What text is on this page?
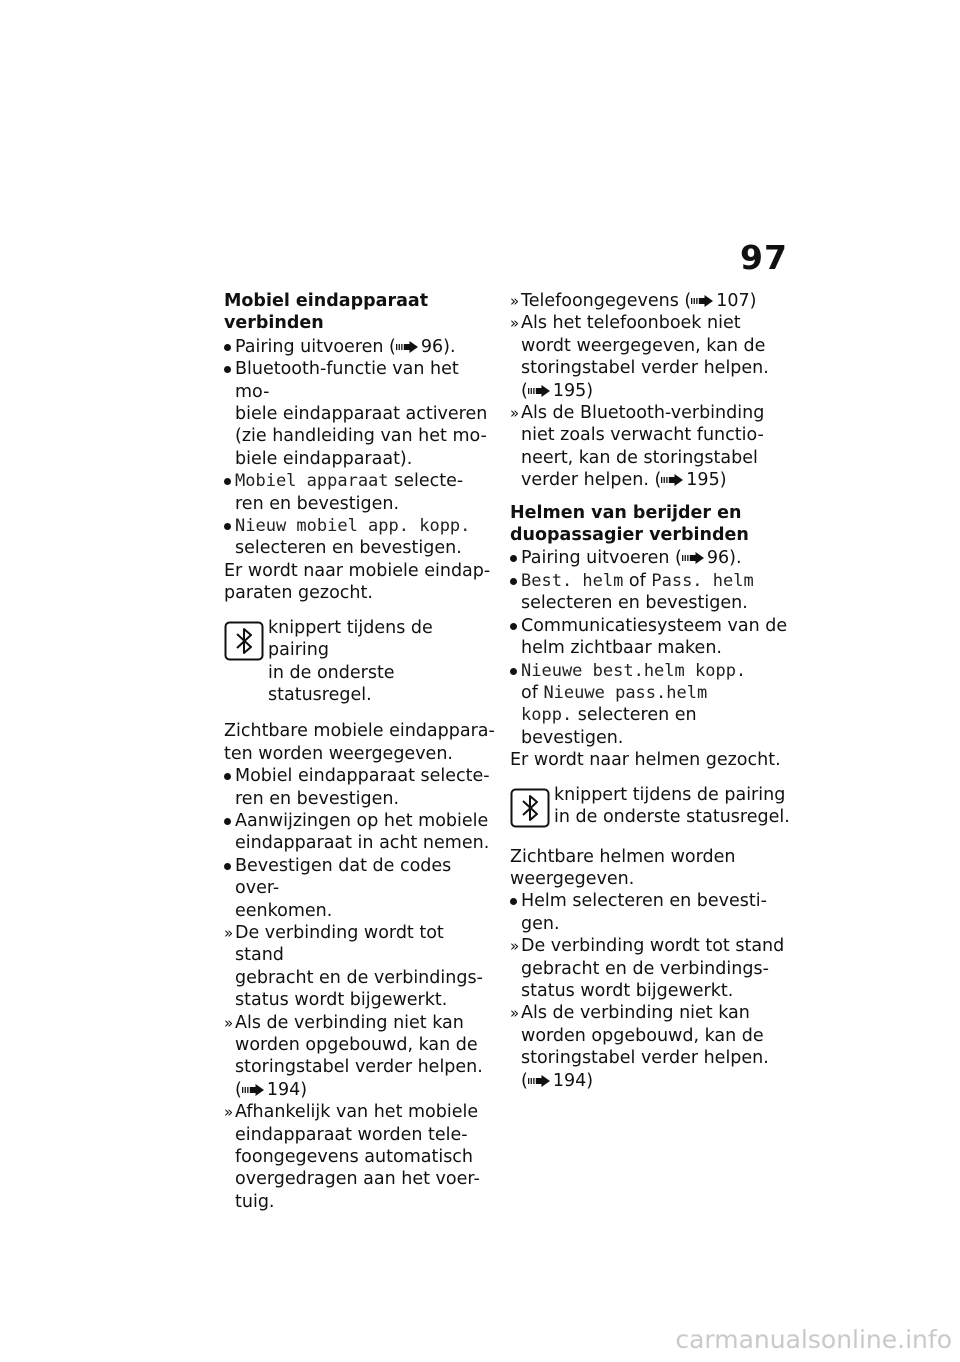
97
Mobiel eindapparaat
verbinden
Pairing uitvoeren ( 96).
Bluetooth-functie van het mo-
biele eindapparaat activeren
(zie handleiding van het mo-
biele eindapparaat).
Mobiel apparaat selecte-
ren en bevestigen.
Nieuw mobiel app. kopp.
selecteren en bevestigen.
Er wordt naar mobiele eindap-
paraten gezocht.
knippert tijdens de pairing
in de onderste statusregel.
Zichtbare mobiele eindappara-
ten worden weergegeven.
Mobiel eindapparaat selecte-
ren en bevestigen.
Aanwijzingen op het mobiele
eindapparaat in acht nemen.
Bevestigen dat de codes over-
eenkomen.
» De verbinding wordt tot stand
gebracht en de verbindings-
status wordt bijgewerkt.
» Als de verbinding niet kan
worden opgebouwd, kan de
storingstabel verder helpen.
( 194)
» Afhankelijk van het mobiele
eindapparaat worden tele-
foongegevens automatisch
overgedragen aan het voer-
tuig.
» Telefoongegevens ( 107)
» Als het telefoonboek niet
wordt weergegeven, kan de
storingstabel verder helpen.
( 195)
» Als de Bluetooth-verbinding
niet zoals verwacht functio-
neert, kan de storingstabel
verder helpen. ( 195)
Helmen van berijder en
duopassagier verbinden
Pairing uitvoeren ( 96).
Best. helm of Pass. helm
selecteren en bevestigen.
Communicatiesysteem van de
helm zichtbaar maken.
Nieuwe best.helm kopp.
of Nieuwe pass.helm
kopp. selecteren en
bevestigen.
Er wordt naar helmen gezocht.
knippert tijdens de pairing
in de onderste statusregel.
Zichtbare helmen worden
weergegeven.
Helm selecteren en bevesti-
gen.
» De verbinding wordt tot stand
gebracht en de verbindings-
status wordt bijgewerkt.
» Als de verbinding niet kan
worden opgebouwd, kan de
storingstabel verder helpen.
( 194)
carmanualsonline.info
